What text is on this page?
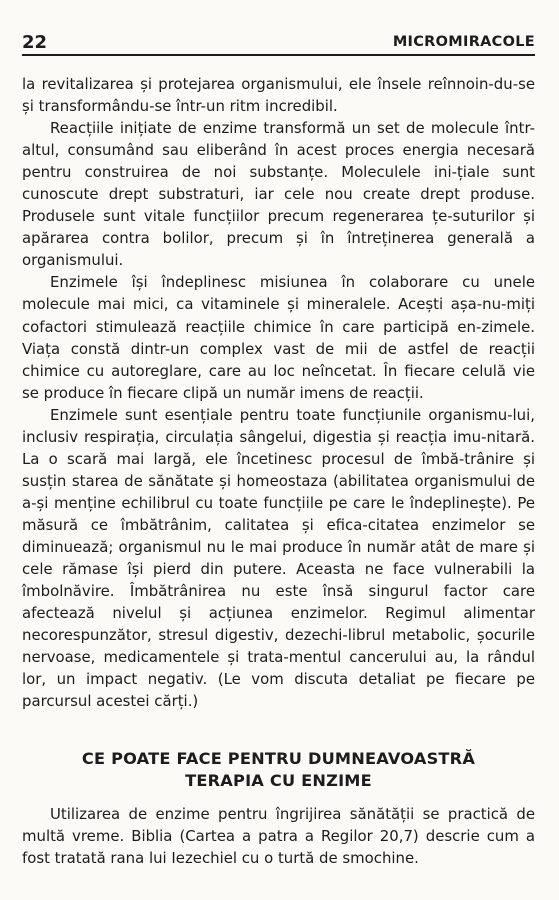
22	MICROMIRACOLE

la revitalizarea și protejarea organismului, ele însele reînnoin-du-se și transformându-se într-un ritm incredibil.

Reacțiile inițiate de enzime transformă un set de molecule într-altul, consumând sau eliberând în acest proces energia necesară pentru construirea de noi substanțe. Moleculele ini-țiale sunt cunoscute drept substraturi, iar cele nou create drept produse. Produsele sunt vitale funcțiilor precum regenerarea țe-suturilor și apărarea contra bolilor, precum și în întreținerea generală a organismului.

Enzimele își îndeplinesc misiunea în colaborare cu unele molecule mai mici, ca vitaminele și mineralele. Acești așa-nu-miți cofactori stimulează reacțiile chimice în care participă en-zimele. Viața constă dintr-un complex vast de mii de astfel de reacții chimice cu autoreglare, care au loc neîncetat. În fiecare celulă vie se produce în fiecare clipă un număr imens de reacții.

Enzimele sunt esențiale pentru toate funcțiunile organismu-lui, inclusiv respirația, circulația sângelui, digestia și reacția imu-nitară. La o scară mai largă, ele încetinesc procesul de îmbă-trânire și susțin starea de sănătate și homeostaza (abilitatea organismului de a-și menține echilibrul cu toate funcțiile pe care le îndeplinește). Pe măsură ce îmbătrânim, calitatea și efica-citatea enzimelor se diminuează; organismul nu le mai produce în număr atât de mare și cele rămase își pierd din putere. Aceasta ne face vulnerabili la îmbolnăvire. Îmbătrânirea nu este însă singurul factor care afectează nivelul și acțiunea enzimelor. Regimul alimentar necorespunzător, stresul digestiv, dezechi-librul metabolic, șocurile nervoase, medicamentele și trata-mentul cancerului au, la rândul lor, un impact negativ. (Le vom discuta detaliat pe fiecare pe parcursul acestei cărți.)

CE POATE FACE PENTRU DUMNEAVOASTRĂ
TERAPIA CU ENZIME

Utilizarea de enzime pentru îngrijirea sănătății se practică de multă vreme. Biblia (Cartea a patra a Regilor 20,7) descrie cum a fost tratată rana lui Iezechiel cu o turtă de smochine.
